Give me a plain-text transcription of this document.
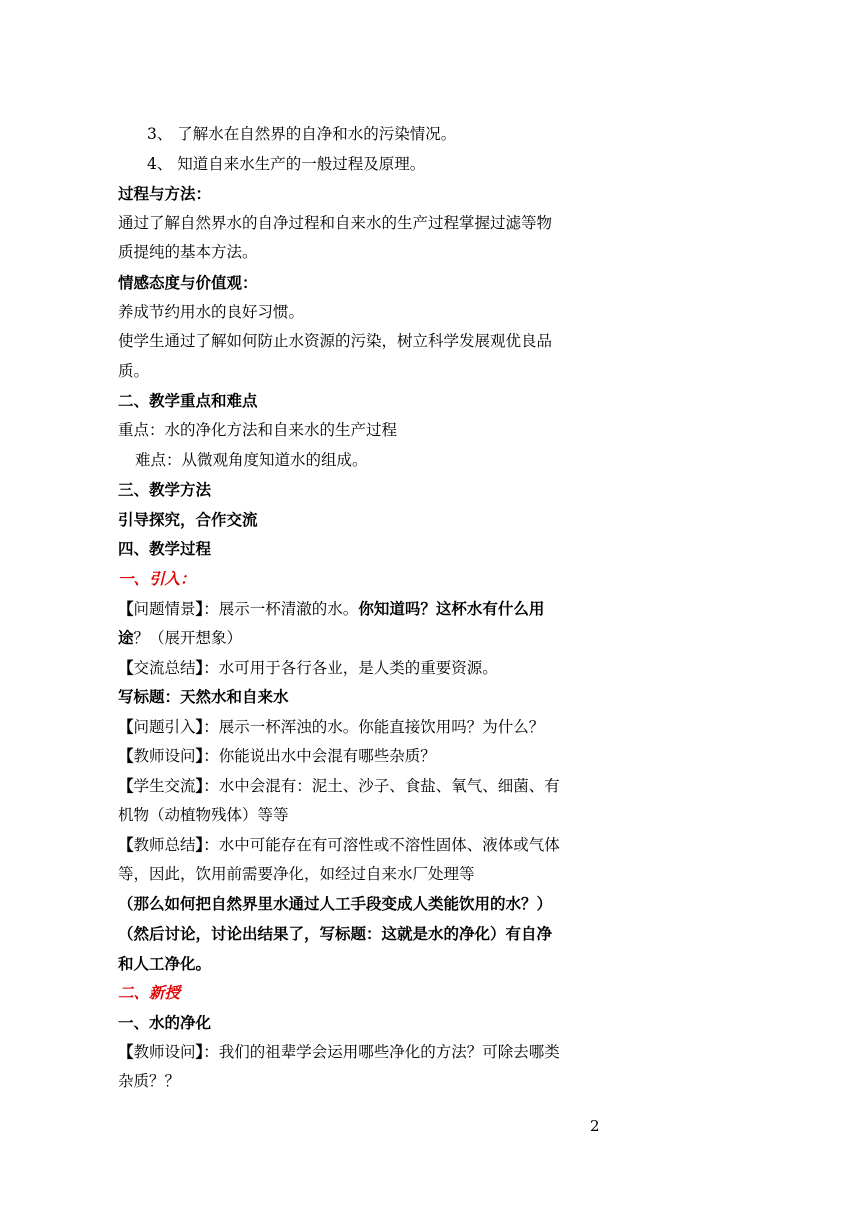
3、 了解水在自然界的自净和水的污染情况。
4、 知道自来水生产的一般过程及原理。
过程与方法：
通过了解自然界水的自净过程和自来水的生产过程掌握过滤等物
质提纯的基本方法。
情感态度与价值观：
养成节约用水的良好习惯。
使学生通过了解如何防止水资源的污染，树立科学发展观优良品
质。
二、教学重点和难点
重点：水的净化方法和自来水的生产过程
难点：从微观角度知道水的组成。
三、教学方法
引导探究，合作交流
四、教学过程
一、引入：
【问题情景】：展示一杯清澈的水。你知道吗？这杯水有什么用
途？（展开想象）
【交流总结】：水可用于各行各业，是人类的重要资源。
写标题：天然水和自来水
【问题引入】：展示一杯浑浊的水。你能直接饮用吗？为什么？
【教师设问】：你能说出水中会混有哪些杂质？
【学生交流】：水中会混有：泥土、沙子、食盐、氧气、细菌、有
机物（动植物残体）等等
【教师总结】：水中可能存在有可溶性或不溶性固体、液体或气体
等，因此，饮用前需要净化，如经过自来水厂处理等
（那么如何把自然界里水通过人工手段变成人类能饮用的水？）
（然后讨论，讨论出结果了，写标题：这就是水的净化）有自净
和人工净化。
二、新授
一、水的净化
【教师设问】：我们的祖辈学会运用哪些净化的方法？可除去哪类
杂质？？
2
